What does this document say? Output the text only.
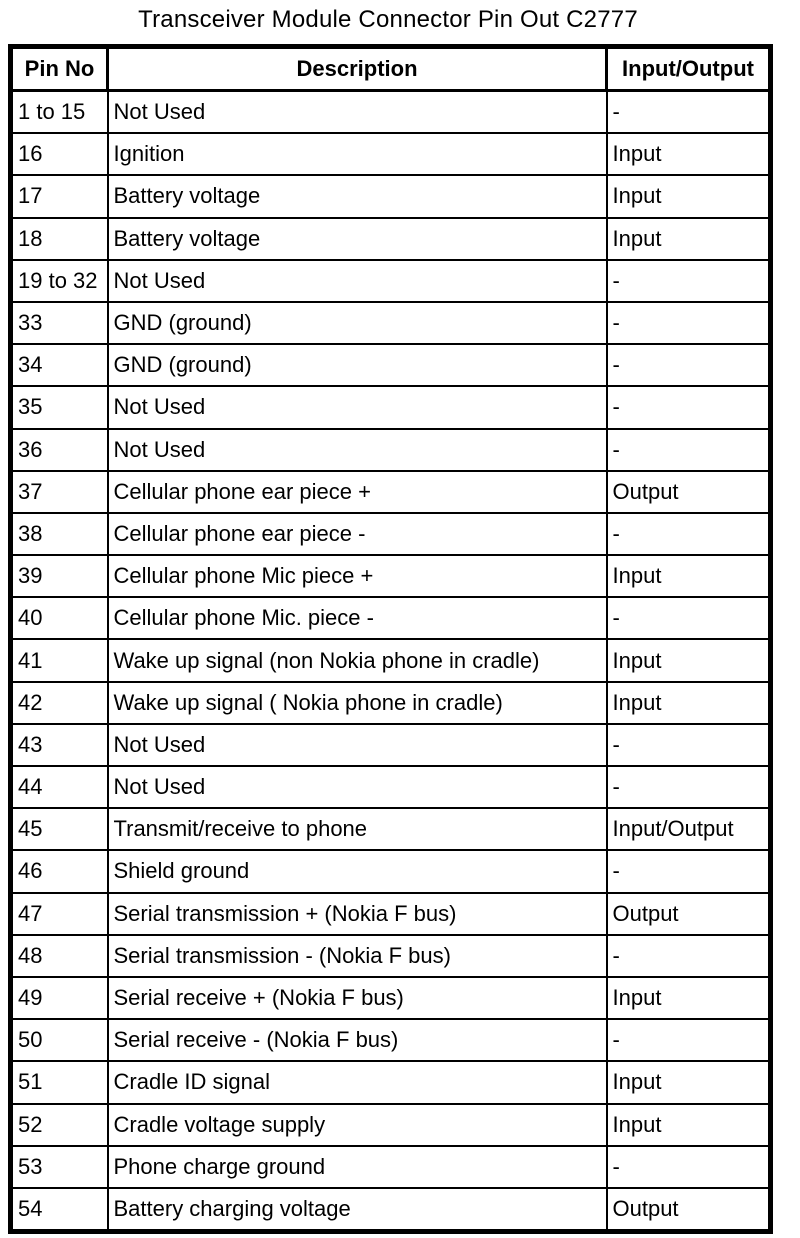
Transceiver Module Connector Pin Out C2777
Pin No	Description	Input/Output
1 to 15	Not Used	-
16	Ignition	Input
17	Battery voltage	Input
18	Battery voltage	Input
19 to 32	Not Used	-
33	GND (ground)	-
34	GND (ground)	-
35	Not Used	-
36	Not Used	-
37	Cellular phone ear piece +	Output
38	Cellular phone ear piece -	-
39	Cellular phone Mic piece +	Input
40	Cellular phone Mic. piece -	-
41	Wake up signal (non Nokia phone in cradle)	Input
42	Wake up signal ( Nokia phone in cradle)	Input
43	Not Used	-
44	Not Used	-
45	Transmit/receive to phone	Input/Output
46	Shield ground	-
47	Serial transmission + (Nokia F bus)	Output
48	Serial transmission - (Nokia F bus)	-
49	Serial receive + (Nokia F bus)	Input
50	Serial receive - (Nokia F bus)	-
51	Cradle ID signal	Input
52	Cradle voltage supply	Input
53	Phone charge ground	-
54	Battery charging voltage	Output
